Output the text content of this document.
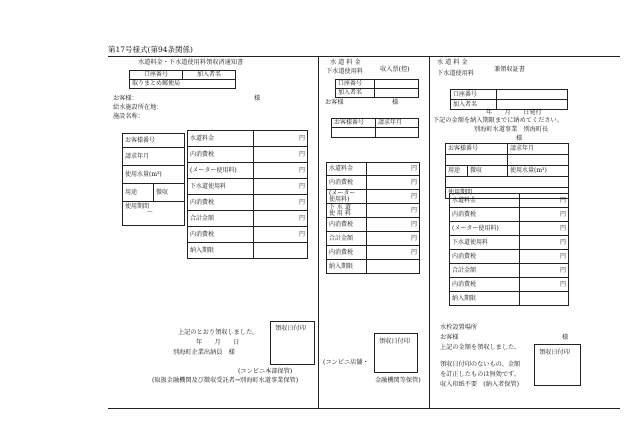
第17号様式(第94条関係)
水道料金・下水道使用料領収済通知書
口座番号	加入者名
取りまとめ郵便局
お客様：	様
給水施設所在地：
施設名称：
お客様番号
請求年月
使用水量(m³)
用途	微収
使用期間
～
水道料金	円
内消費税	円
(メーター使用料)	円
下水道使用料	円
内消費税	円
合計金額	円
内消費税	円
納入期限	
上記のとおり領収しました。
年　　月　　日
別海町企業出納員　様
領収日付印
(コンビニ本部保管)
(取扱金融機関及び徴収受託者→別海町水道事業保管)
水 道 料 金
下水道使用料	収入票(控)
口座番号	
加入者名	
お客様	様
お客様番号	請求年月

水道料金	円
内消費税	円
(メーター
使用料)	円
下 水 道
使 用 料	円
内消費税	円
合計金額	円
内消費税	円
納入期限	
領収日付印
(コンビニ店舗・
金融機関等保管)
水 道 料 金
下水道使用料
兼領収証書
口座番号	
加入者名	
年　　月　　日発行
下記の金額を納入期限までに納めてください。
別海町水道事業　別海町長
様
お客様番号		請求年月

用途	微収	使用水量(m³)

使用期間		
水道料金	円
内消費税	円
(メーター使用料)	円
下水道使用料	円
内消費税	円
合計金額	円
内消費税	円
納入期限	
水栓設置場所
お客様	様
上記の金額を領収しました。
領収日付印
領収日付印のないもの、金額
を訂正したものは無効です。
収入印紙不要　(納入者保管)
